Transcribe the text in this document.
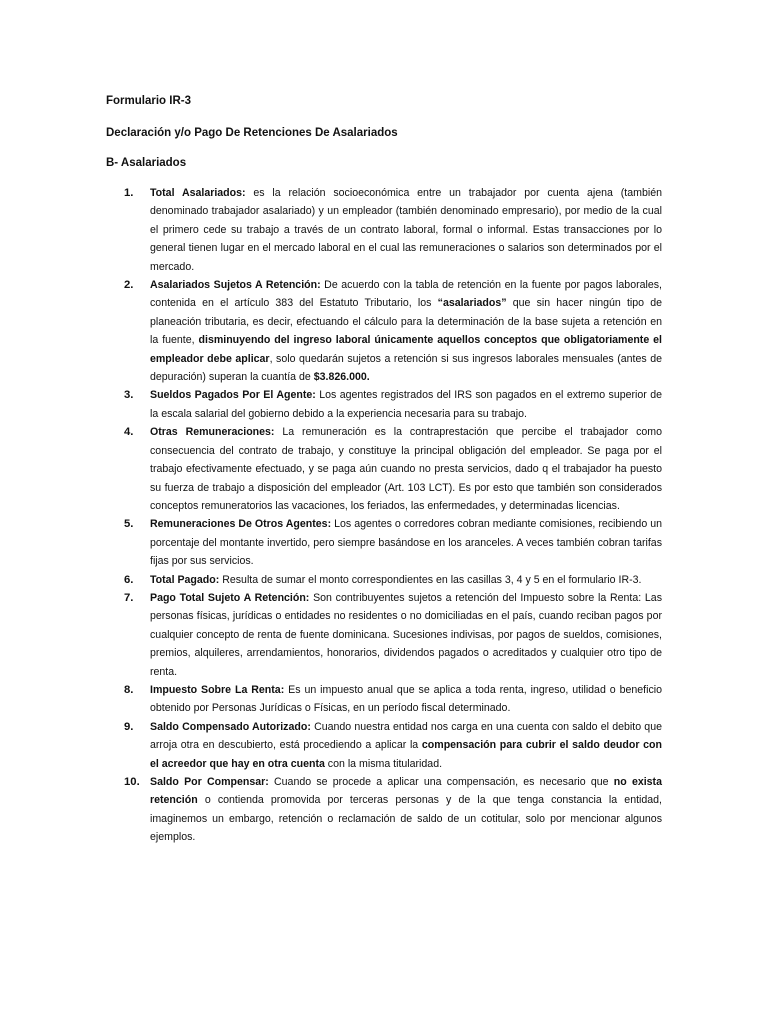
Formulario IR-3
Declaración y/o Pago De Retenciones De Asalariados
B- Asalariados
1.	Total Asalariados: es la relación socioeconómica entre un trabajador por cuenta ajena (también denominado trabajador asalariado) y un empleador (también denominado empresario), por medio de la cual el primero cede su trabajo a través de un contrato laboral, formal o informal. Estas transacciones por lo general tienen lugar en el mercado laboral en el cual las remuneraciones o salarios son determinados por el mercado.
2.	Asalariados Sujetos A Retención: De acuerdo con la tabla de retención en la fuente por pagos laborales, contenida en el artículo 383 del Estatuto Tributario, los “asalariados” que sin hacer ningún tipo de planeación tributaria, es decir, efectuando el cálculo para la determinación de la base sujeta a retención en la fuente, disminuyendo del ingreso laboral únicamente aquellos conceptos que obligatoriamente el empleador debe aplicar, solo quedarán sujetos a retención si sus ingresos laborales mensuales (antes de depuración) superan la cuantía de $3.826.000.
3.	Sueldos Pagados Por El Agente: Los agentes registrados del IRS son pagados en el extremo superior de la escala salarial del gobierno debido a la experiencia necesaria para su trabajo.
4.	Otras Remuneraciones: La remuneración es la contraprestación que percibe el trabajador como consecuencia del contrato de trabajo, y constituye la principal obligación del empleador. Se paga por el trabajo efectivamente efectuado, y se paga aún cuando no presta servicios, dado q el trabajador ha puesto su fuerza de trabajo a disposición del empleador (Art. 103 LCT). Es por esto que también son considerados conceptos remuneratorios las vacaciones, los feriados, las enfermedades, y determinadas licencias.
5.	Remuneraciones De Otros Agentes: Los agentes o corredores cobran mediante comisiones, recibiendo un porcentaje del montante invertido, pero siempre basándose en los aranceles. A veces también cobran tarifas fijas por sus servicios.
6.	Total Pagado: Resulta de sumar el monto correspondientes en las casillas 3, 4 y 5 en el formulario IR-3.
7.	Pago Total Sujeto A Retención: Son contribuyentes sujetos a retención del Impuesto sobre la Renta: Las personas físicas, jurídicas o entidades no residentes o no domiciliadas en el país, cuando reciban pagos por cualquier concepto de renta de fuente dominicana. Sucesiones indivisas, por pagos de sueldos, comisiones, premios, alquileres, arrendamientos, honorarios, dividendos pagados o acreditados y cualquier otro tipo de renta.
8.	Impuesto Sobre La Renta: Es un impuesto anual que se aplica a toda renta, ingreso, utilidad o beneficio obtenido por Personas Jurídicas o Físicas, en un período fiscal determinado.
9.	Saldo Compensado Autorizado: Cuando nuestra entidad nos carga en una cuenta con saldo el debito que arroja otra en descubierto, está procediendo a aplicar la compensación para cubrir el saldo deudor con el acreedor que hay en otra cuenta con la misma titularidad.
10. Saldo Por Compensar: Cuando se procede a aplicar una compensación, es necesario que no exista retención o contienda promovida por terceras personas y de la que tenga constancia la entidad, imaginemos un embargo, retención o reclamación de saldo de un cotitular, solo por mencionar algunos ejemplos.
